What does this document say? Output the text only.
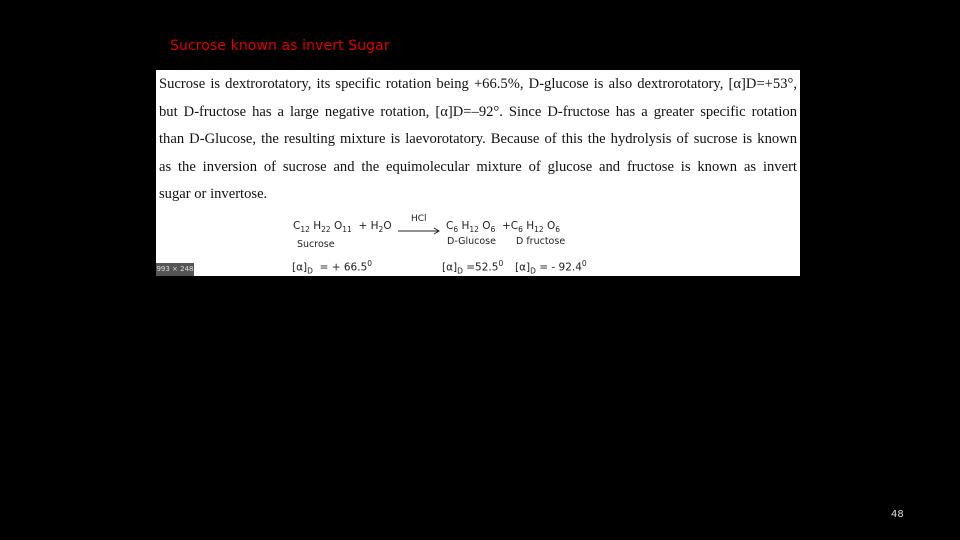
Sucrose known as invert Sugar
Sucrose is dextrorotatory, its specific rotation being +66.5%, D-glucose is also dextrorotatory, [α]D=+53°,
but D-fructose has a large negative rotation, [α]D=–92°. Since D-fructose has a greater specific rotation
than D-Glucose, the resulting mixture is laevorotatory. Because of this the hydrolysis of sucrose is known
as the inversion of sucrose and the equimolecular mixture of glucose and fructose is known as invert
sugar or invertose.
$C_{12}$ $H_{22}$ $O_{11} + H_2O$
HCl
→ $C_6$ $H_{12}$ $O_6 +C_6$ $H_{12}$ $O_6$
Sucrose	D-Glucose D fructose
$[\alpha]_D$ = + $66.5^0$	$[\alpha]_D =52.5^0$ $[\alpha]_D$ = - 92.4$^0$
993 × 248
48
